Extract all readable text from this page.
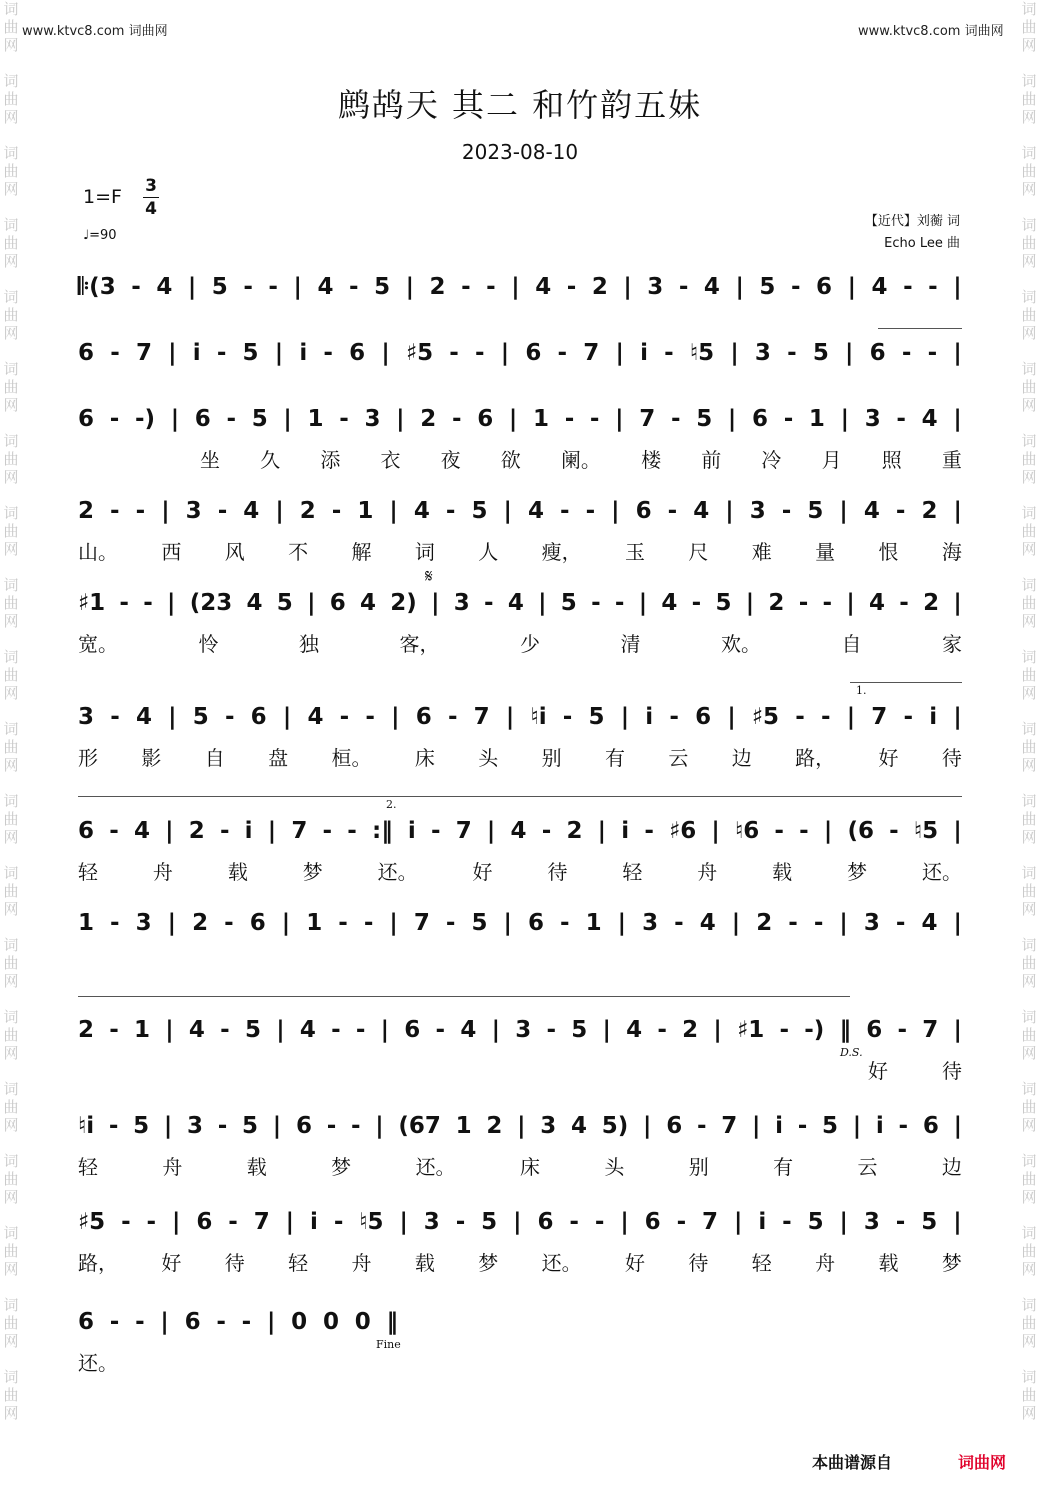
词
曲
网
词
曲
网
词
曲
网
词
曲
网
词
曲
网
词
曲
网
词
曲
网
词
曲
网
词
曲
网
词
曲
网
词
曲
网
词
曲
网
词
曲
网
词
曲
网
词
曲
网
词
曲
网
词
曲
网
词
曲
网
词
曲
网
词
曲
网
词
曲
网
词
曲
网
词
曲
网
词
曲
网
词
曲
网
词
曲
网
词
曲
网
词
曲
网
词
曲
网
词
曲
网
词
曲
网
词
曲
网
词
曲
网
词
曲
网
词
曲
网
词
曲
网
词
曲
网
词
曲
网
词
曲
网
词
曲
网
www.ktvc8.com 词曲网	www.ktvc8.com 词曲网
鹧鸪天 其二 和竹韵五妹
2023-08-10
1=F 3
4
♩=90
【近代】刘蘅 词
Echo Lee 曲
𝄆(3 - 4 | 5 - - | 4 - 5 | 2 - - | 4 - 2 | 3 - 4 | 5 - 6 | 4 - - |
6 - 7 | i - 5 | i - 6 | ♯5 - - | 6 - 7 | i - ♮5 | 3 - 5 | 6 - - |
6 - -) | 6 - 5 | 1 - 3 | 2 - 6 | 1 - - | 7 - 5 | 6 - 1 | 3 - 4 |
坐 久 添 衣 夜 欲 阑。 楼 前 冷 月 照 重
2 - - | 3 - 4 | 2 - 1 | 4 - 5 | 4 - - | 6 - 4 | 3 - 5 | 4 - 2 |
山。 西 风 不 解 词 人 瘦， 玉 尺 难 量 恨 海
♯1 - - | (23 4 5 | 6 4 2) | 3 - 4 | 5 - - | 4 - 5 | 2 - - | 4 - 2 |
宽。	怜	独	客，	少	清	欢。	自	家
3 - 4 | 5 - 6 | 4 - - | 6 - 7 | ♮i - 5 | i - 6 | ♯5 - - | 7 - i |
形 影 自 盘 桓。 床 头 别 有 云 边 路， 好 待
6 - 4 | 2 - i | 7 - - :‖ i - 7 | 4 - 2 | i - ♯6 | ♮6 - - | (6 - ♮5 |
轻	舟	载	梦	还。	好	待	轻	舟	载	梦	还。
1 - 3 | 2 - 6 | 1 - - | 7 - 5 | 6 - 1 | 3 - 4 | 2 - - | 3 - 4 |
2 - 1 | 4 - 5 | 4 - - | 6 - 4 | 3 - 5 | 4 - 2 | ♯1 - -) ‖ 6 - 7 |
好	待
♮i - 5 | 3 - 5 | 6 - - | (67 1 2 | 3 4 5) | 6 - 7 | i - 5 | i - 6 |
轻	舟	载	梦	还。	床	头	别	有	云	边
♯5 - - | 6 - 7 | i - ♮5 | 3 - 5 | 6 - - | 6 - 7 | i - 5 | 3 - 5 |
路， 好 待 轻 舟 载 梦 还。 好 待 轻 舟 载 梦
6 - - | 6 - - | 0 0 0 ‖
还。
1.
2.
𝄋
D.S.
Fine
本曲谱源自	词曲网
